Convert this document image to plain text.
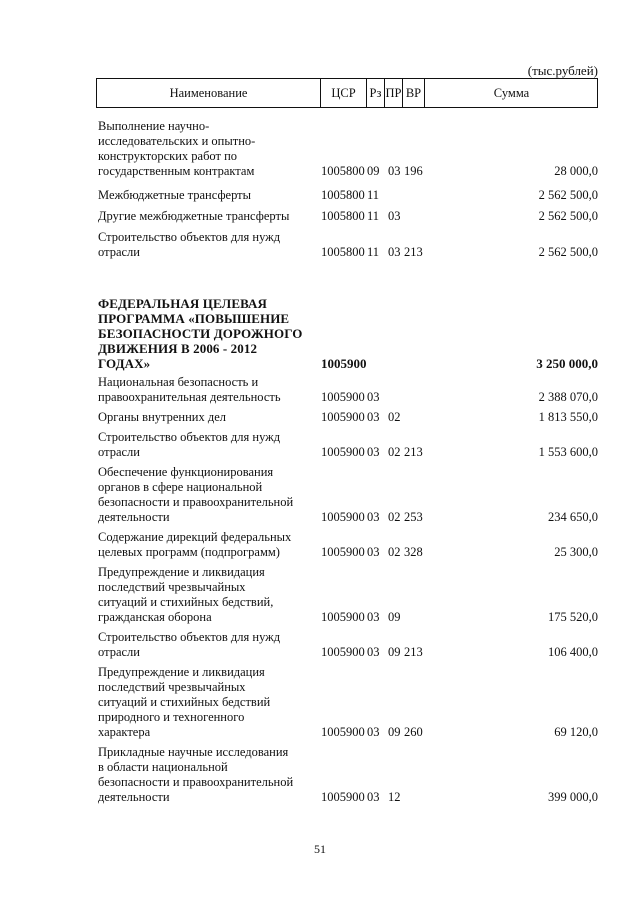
(тыс.рублей)
Наименование	ЦСР	Рз ПР ВР	Сумма
Выполнение научно-
исследовательских и опытно-
конструкторских работ по
государственным контрактам	1005800 09 03 196	28 000,0
Межбюджетные трансферты	1005800 11	2 562 500,0
Другие межбюджетные трансферты	1005800 11 03	2 562 500,0
Строительство объектов для нужд
отрасли	1005800 11 03 213	2 562 500,0
ФЕДЕРАЛЬНАЯ ЦЕЛЕВАЯ
ПРОГРАММА «ПОВЫШЕНИЕ
БЕЗОПАСНОСТИ ДОРОЖНОГО
ДВИЖЕНИЯ В 2006 - 2012
ГОДАХ»	1005900	3 250 000,0
Национальная безопасность и
правоохранительная деятельность	1005900 03	2 388 070,0
Органы внутренних дел	1005900 03 02	1 813 550,0
Строительство объектов для нужд
отрасли	1005900 03 02 213	1 553 600,0
Обеспечение функционирования
органов в сфере национальной
безопасности и правоохранительной
деятельности	1005900 03 02 253	234 650,0
Содержание дирекций федеральных
целевых программ (подпрограмм)	1005900 03 02 328	25 300,0
Предупреждение и ликвидация
последствий чрезвычайных
ситуаций и стихийных бедствий,
гражданская оборона	1005900 03 09	175 520,0
Строительство объектов для нужд
отрасли	1005900 03 09 213	106 400,0
Предупреждение и ликвидация
последствий чрезвычайных
ситуаций и стихийных бедствий
природного и техногенного
характера	1005900 03 09 260	69 120,0
Прикладные научные исследования
в области национальной
безопасности и правоохранительной
деятельности	1005900 03 12	399 000,0
51
